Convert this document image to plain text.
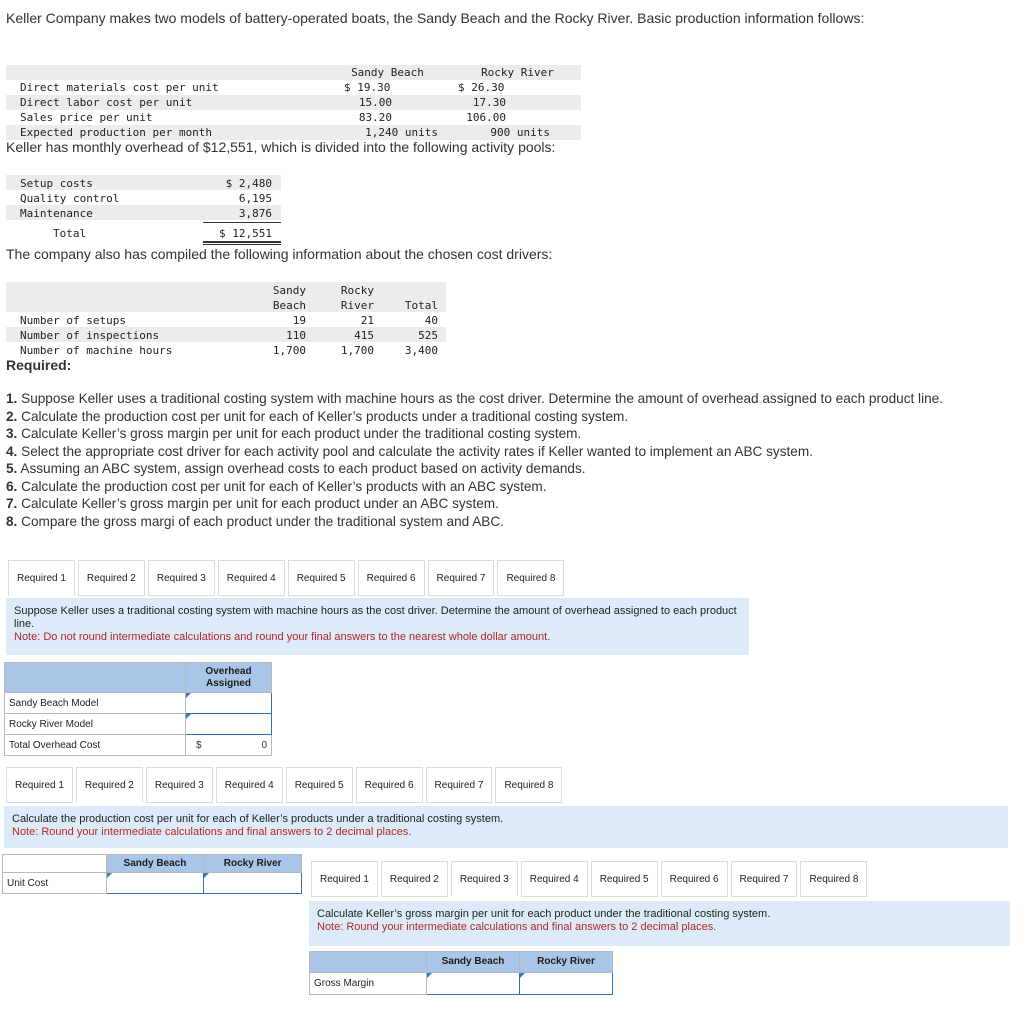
Keller Company makes two models of battery-operated boats, the Sandy Beach and the Rocky River. Basic production information follows:
Sandy Beach	Rocky River
Direct materials cost per unit	$ 19.30	$ 26.30
Direct labor cost per unit	15.00	17.30
Sales price per unit	83.20	106.00
Expected production per month	1,240 units	900 units
Keller has monthly overhead of $12,551, which is divided into the following activity pools:
Setup costs	$ 2,480
Quality control	6,195
Maintenance	3,876
Total	$ 12,551
The company also has compiled the following information about the chosen cost drivers:
Sandy	Rocky
Beach	River	Total
Number of setups	19	21	40
Number of inspections	110	415	525
Number of machine hours	1,700	1,700	3,400
Required:
1. Suppose Keller uses a traditional costing system with machine hours as the cost driver. Determine the amount of overhead assigned to each product line.
2. Calculate the production cost per unit for each of Keller’s products under a traditional costing system.
3. Calculate Keller’s gross margin per unit for each product under the traditional costing system.
4. Select the appropriate cost driver for each activity pool and calculate the activity rates if Keller wanted to implement an ABC system.
5. Assuming an ABC system, assign overhead costs to each product based on activity demands.
6. Calculate the production cost per unit for each of Keller’s products with an ABC system.
7. Calculate Keller’s gross margin per unit for each product under an ABC system.
8. Compare the gross margi of each product under the traditional system and ABC.
Required 1	Required 2	Required 3	Required 4	Required 5	Required 6	Required 7	Required 8
Suppose Keller uses a traditional costing system with machine hours as the cost driver. Determine the amount of overhead assigned to each product line.
Note: Do not round intermediate calculations and round your final answers to the nearest whole dollar amount.
	Overhead
Assigned
Sandy Beach Model	
Rocky River Model	
Total Overhead Cost	$ 0
Required 1	Required 2	Required 3	Required 4	Required 5	Required 6	Required 7	Required 8
Calculate the production cost per unit for each of Keller’s products under a traditional costing system.
Note: Round your intermediate calculations and final answers to 2 decimal places.
	Sandy Beach	Rocky River
Unit Cost			Required 1	Required 2	Required 3	Required 4	Required 5	Required 6	Required 7	Required 8
Calculate Keller’s gross margin per unit for each product under the traditional costing system.
Note: Round your intermediate calculations and final answers to 2 decimal places.
	Sandy Beach	Rocky River
Gross Margin		
